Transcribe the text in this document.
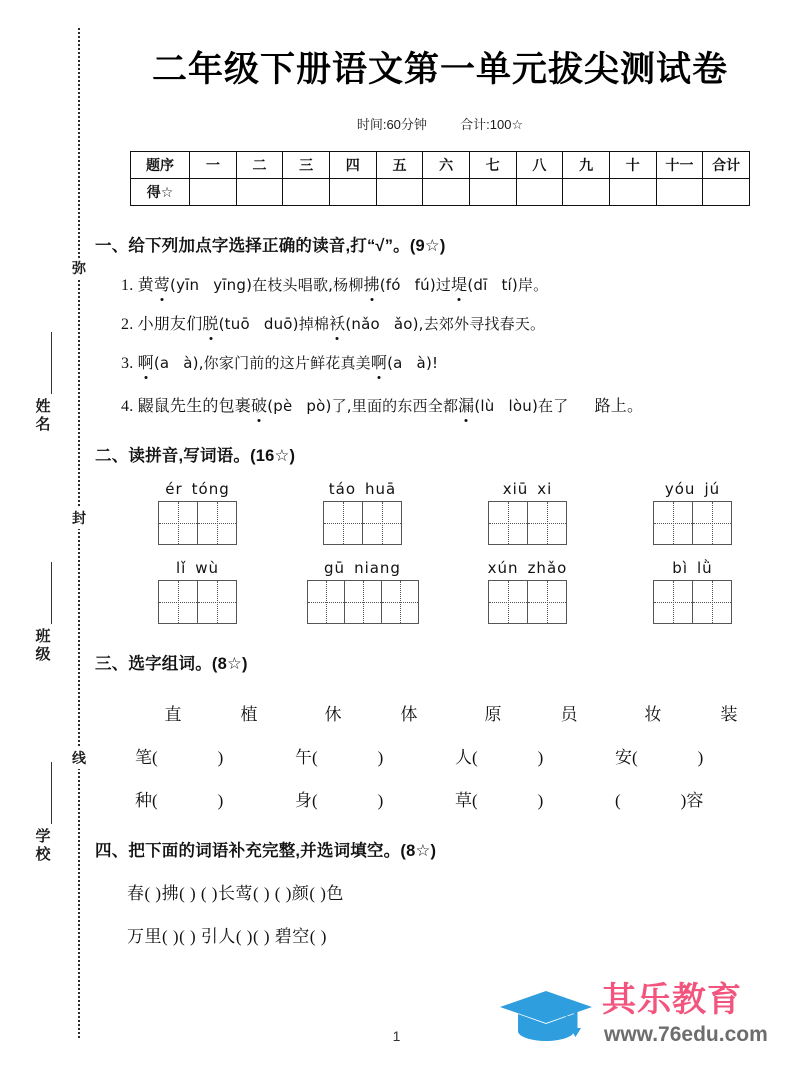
弥
封
线
姓名
班级
学校
二年级下册语文第一单元拔尖测试卷
时间:60分钟	合计:100☆
题序	一	二	三	四	五	六	七	八	九	十	十一	合计
得☆												
一、给下列加点字选择正确的读音,打“√”。(9☆)
1. 黄莺(yīn yīng)在枝头唱歌,杨柳拂(fó fú)过堤(dī tí)岸。
2. 小朋友们脱(tuō duō)掉棉袄(nǎo ǎo),去郊外寻找春天。
3. 啊(a à),你家门前的这片鲜花真美啊(a à)!
4. 鼹鼠先生的包裹破(pè pò)了,里面的东西全都漏(lù lòu)在了 路上。
二、读拼音,写词语。(16☆)
ér tóng	táo huā	xiū xi	yóu jú
lǐ wù	gū niang	xún zhǎo	bì lǜ
三、选字组词。(8☆)
直	植	休	体	原	员	妆	装
笔(	)	午(	)	人(	)	安(	)
种(	)	身(	)	草(	)	(	)容
四、把下面的词语补充完整,并选词填空。(8☆)
春( )拂( ) ( )长莺( ) ( )颜( )色
万里( )( ) 引人( )( ) 碧空( )
其乐教育
www.76edu.com
1
